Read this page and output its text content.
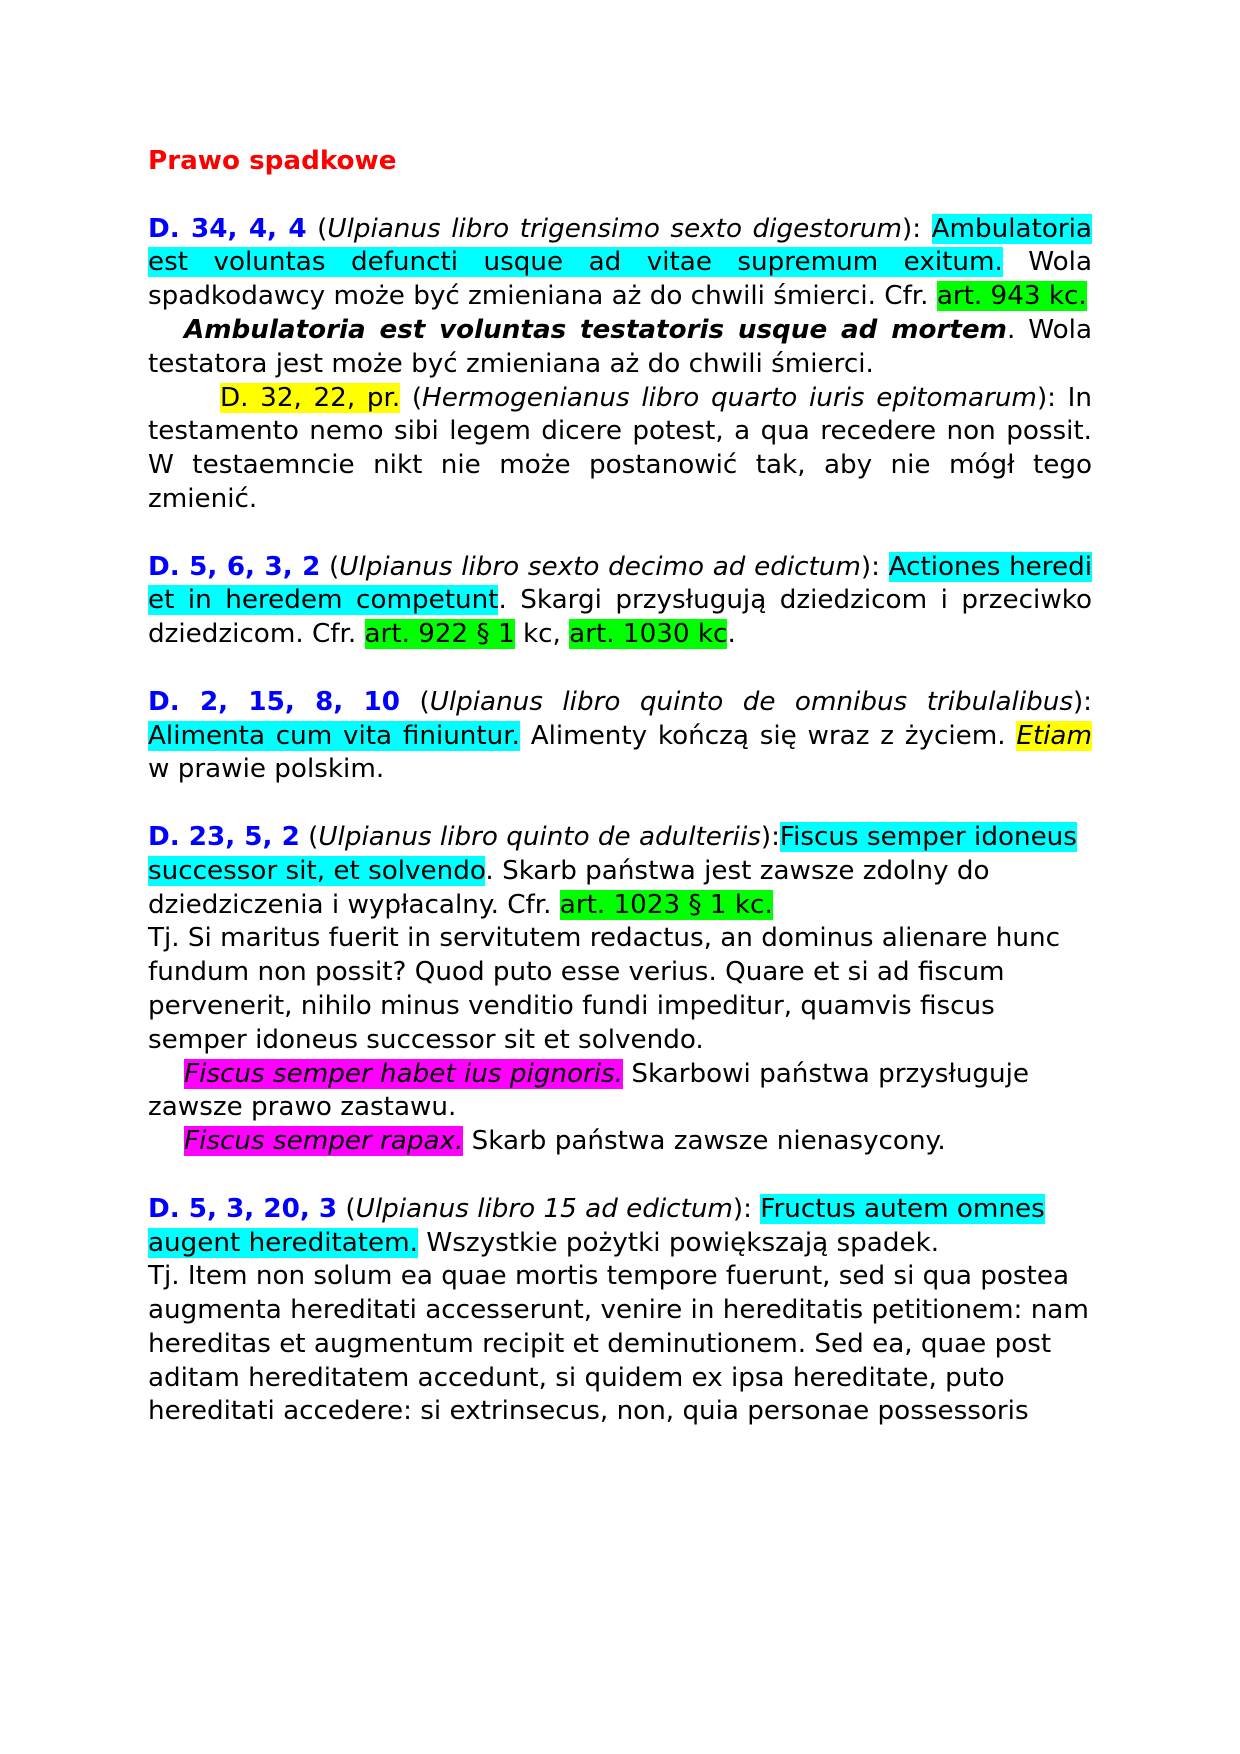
Prawo spadkowe

D. 34, 4, 4 (Ulpianus libro trigensimo sexto digestorum): Ambulatoria est voluntas defuncti usque ad vitae supremum exitum. Wola spadkodawcy może być zmieniana aż do chwili śmierci. Cfr. art. 943 kc.

Ambulatoria est voluntas testatoris usque ad mortem. Wola testatora jest może być zmieniana aż do chwili śmierci.

D. 32, 22, pr. (Hermogenianus libro quarto iuris epitomarum): In testamento nemo sibi legem dicere potest, a qua recedere non possit. W testaemncie nikt nie może postanowić tak, aby nie mógł tego zmienić.

D. 5, 6, 3, 2 (Ulpianus libro sexto decimo ad edictum): Actiones heredi et in heredem competunt. Skargi przysługują dziedzicom i przeciwko dziedzicom. Cfr. art. 922 § 1 kc, art. 1030 kc.

D. 2, 15, 8, 10 (Ulpianus libro quinto de omnibus tribulalibus): Alimenta cum vita finiuntur. Alimenty kończą się wraz z życiem. Etiam w prawie polskim.

D. 23, 5, 2 (Ulpianus libro quinto de adulteriis):Fiscus semper idoneus successor sit, et solvendo. Skarb państwa jest zawsze zdolny do dziedziczenia i wypłacalny. Cfr. art. 1023 § 1 kc.

Tj. Si maritus fuerit in servitutem redactus, an dominus alienare hunc fundum non possit? Quod puto esse verius. Quare et si ad fiscum pervenerit, nihilo minus venditio fundi impeditur, quamvis fiscus semper idoneus successor sit et solvendo.

Fiscus semper habet ius pignoris. Skarbowi państwa przysługuje zawsze prawo zastawu.

Fiscus semper rapax. Skarb państwa zawsze nienasycony.

D. 5, 3, 20, 3 (Ulpianus libro 15 ad edictum): Fructus autem omnes augent hereditatem. Wszystkie pożytki powiększają spadek.

Tj. Item non solum ea quae mortis tempore fuerunt, sed si qua postea augmenta hereditati accesserunt, venire in hereditatis petitionem: nam hereditas et augmentum recipit et deminutionem. Sed ea, quae post aditam hereditatem accedunt, si quidem ex ipsa hereditate, puto hereditati accedere: si extrinsecus, non, quia personae possessoris
